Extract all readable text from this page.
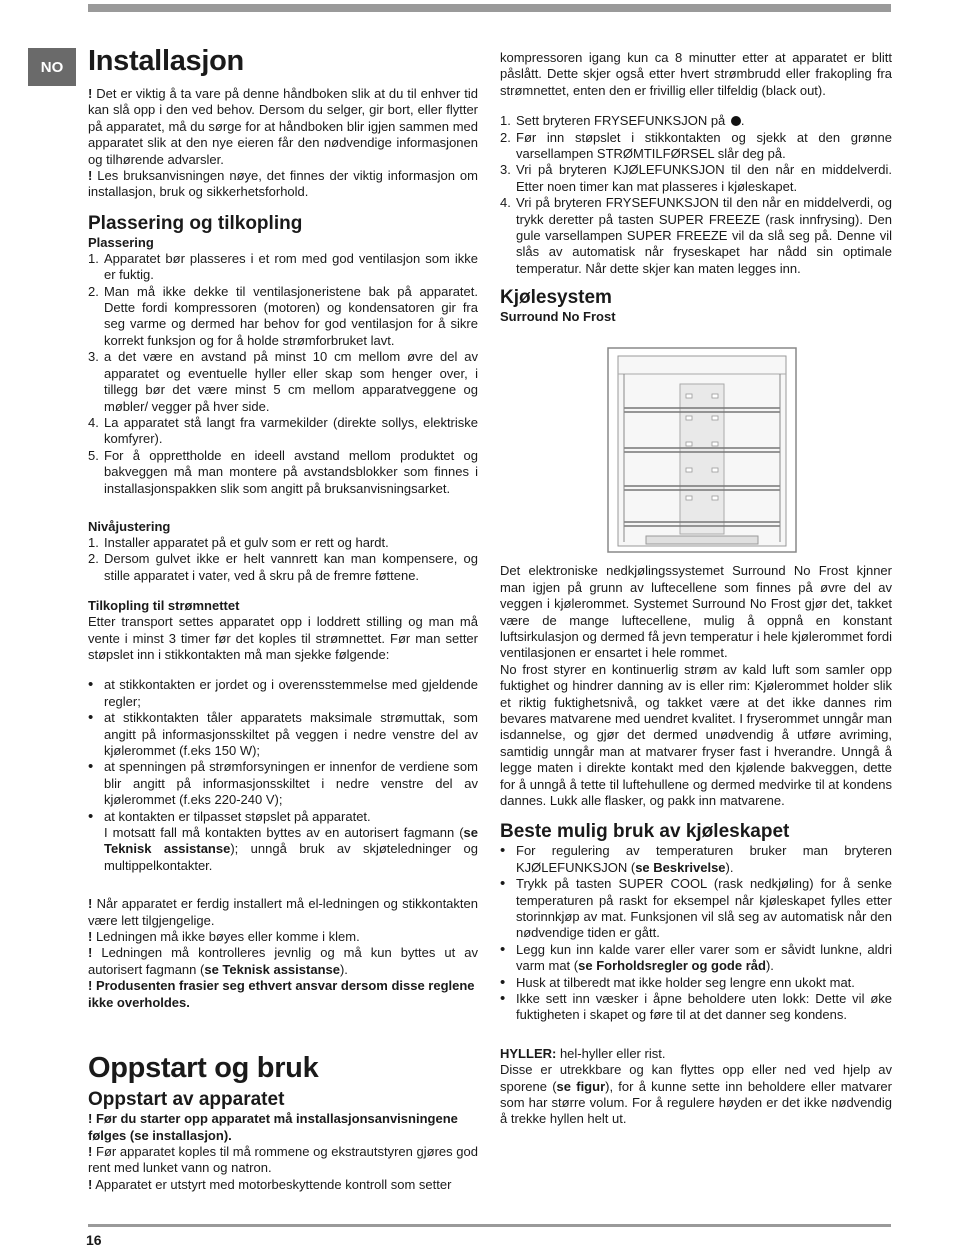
NO Installasjon

! Det er viktig å ta vare på denne håndboken slik at du til enhver tid kan slå opp i den ved behov. Dersom du selger, gir bort, eller flytter på apparatet, må du sørge for at håndboken blir igjen sammen med apparatet slik at den nye eieren får den nødvendige informasjonen og tilhørende advarsler.

! Les bruksanvisningen nøye, det finnes der viktig informasjon om installasjon, bruk og sikkerhetsforhold.

Plassering og tilkopling
Plassering
1. Apparatet bør plasseres i et rom med god ventilasjon som ikke er fuktig.
2. Man må ikke dekke til ventilasjoneristene bak på apparatet. Dette fordi kompressoren (motoren) og kondensatoren gir fra seg varme og dermed har behov for god ventilasjon for å sikre korrekt funksjon og for å holde strømforbruket lavt.
3. a det være en avstand på minst 10 cm mellom øvre del av apparatet og eventuelle hyller eller skap som henger over, i tillegg bør det være minst 5 cm mellom apparatveggene og møbler/ vegger på hver side.
4. La apparatet stå langt fra varmekilder (direkte sollys, elektriske komfyrer).
5. For å opprettholde en ideell avstand mellom produktet og bakveggen må man montere på avstandsblokker som finnes i installasjonspakken slik som angitt på bruksanvisningsarket.
Nivåjustering
1. Installer apparatet på et gulv som er rett og hardt.
2. Dersom gulvet ikke er helt vannrett kan man kompensere, og stille apparatet i vater, ved å skru på de fremre føttene.
Tilkopling til strømnettet

Etter transport settes apparatet opp i loddrett stilling og man må vente i minst 3 timer før det koples til strømnettet. Før man setter støpslet inn i stikkontakten må man sjekke følgende:

• at stikkontakten er jordet og i overensstemmelse med gjeldende regler;
• at stikkontakten tåler apparatets maksimale strømuttak, som angitt på informasjonsskiltet på veggen i nedre venstre del av kjølerommet (f.eks 150 W);
• at spenningen på strømforsyningen er innenfor de verdiene som blir angitt på informasjonsskiltet i nedre venstre del av kjølerommet (f.eks 220-240 V);
• at kontakten er tilpasset støpslet på apparatet.
I motsatt fall må kontakten byttes av en autorisert fagmann (se Teknisk assistanse); unngå bruk av skjøteledninger og multippelkontakter.

! Når apparatet er ferdig installert må el-ledningen og stikkontakten være lett tilgjengelige.

! Ledningen må ikke bøyes eller komme i klem.

! Ledningen må kontrolleres jevnlig og må kun byttes ut av autorisert fagmann (se Teknisk assistanse).

! Produsenten frasier seg ethvert ansvar dersom disse reglene ikke overholdes.

Oppstart og bruk
Oppstart av apparatet

! Før du starter opp apparatet må installasjonsanvisningene følges (se installasjon).

! Før apparatet koples til må rommene og ekstrautstyren gjøres god rent med lunket vann og natron.

! Apparatet er utstyrt med motorbeskyttende kontroll som setter

kompressoren igang kun ca 8 minutter etter at apparatet er blitt påslått. Dette skjer også etter hvert strømbrudd eller frakopling fra strømnettet, enten den er frivillig eller tilfeldig (black out).

1. Sett bryteren FRYSEFUNKSJON på .
2. Før inn støpslet i stikkontakten og sjekk at den grønne varsellampen STRØMTILFØRSEL slår deg på.
3. Vri på bryteren KJØLEFUNKSJON til den når en middelverdi. Etter noen timer kan mat plasseres i kjøleskapet.
4. Vri på bryteren FRYSEFUNKSJON til den når en middelverdi, og trykk deretter på tasten SUPER FREEZE (rask innfrysing). Den gule varsellampen SUPER FREEZE vil da slå seg på. Denne vil slås av automatisk når fryseskapet har nådd sin optimale temperatur. Når dette skjer kan maten legges inn.
Kjølesystem
Surround No Frost

Det elektroniske nedkjølingssystemet Surround No Frost kjnner man igjen på grunn av luftecellene som finnes på øvre del av veggen i kjølerommet. Systemet Surround No Frost gjør det, takket være de mange luftecellene, mulig å oppnå en konstant luftsirkulasjon og dermed få jevn temperatur i hele kjølerommet fordi ventilasjonen er ensartet i hele rommet.

No frost styrer en kontinuerlig strøm av kald luft som samler opp fuktighet og hindrer danning av is eller rim: Kjølerommet holder slik et riktig fuktighetsnivå, og takket være at det ikke dannes rim bevares matvarene med uendret kvalitet. I fryserommet unngår man isdannelse, og gjør det dermed unødvendig å utføre avriming, samtidig unngår man at matvarer fryser fast i hverandre. Unngå å legge maten i direkte kontakt med den kjølende bakveggen, dette for å unngå å tette til luftehullene og dermed medvirke til at kondens dannes. Lukk alle flasker, og pakk inn matvarene.

Beste mulig bruk av kjøleskapet
• For regulering av temperaturen bruker man bryteren KJØLEFUNKSJON (se Beskrivelse).
• Trykk på tasten SUPER COOL (rask nedkjøling) for å senke temperaturen på raskt for eksempel når kjøleskapet fylles etter storinnkjøp av mat. Funksjonen vil slå seg av automatisk når den nødvendige tiden er gått.
• Legg kun inn kalde varer eller varer som er såvidt lunkne, aldri varm mat (se Forholdsregler og gode råd).
• Husk at tilberedt mat ikke holder seg lengre enn ukokt mat.
• Ikke sett inn væsker i åpne beholdere uten lokk: Dette vil øke fuktigheten i skapet og føre til at det danner seg kondens.

HYLLER: hel-hyller eller rist.

Disse er utrekkbare og kan flyttes opp eller ned ved hjelp av sporene (se figur), for å kunne sette inn beholdere eller matvarer som har større volum. For å regulere høyden er det ikke nødvendig å trekke hyllen helt ut.

16
